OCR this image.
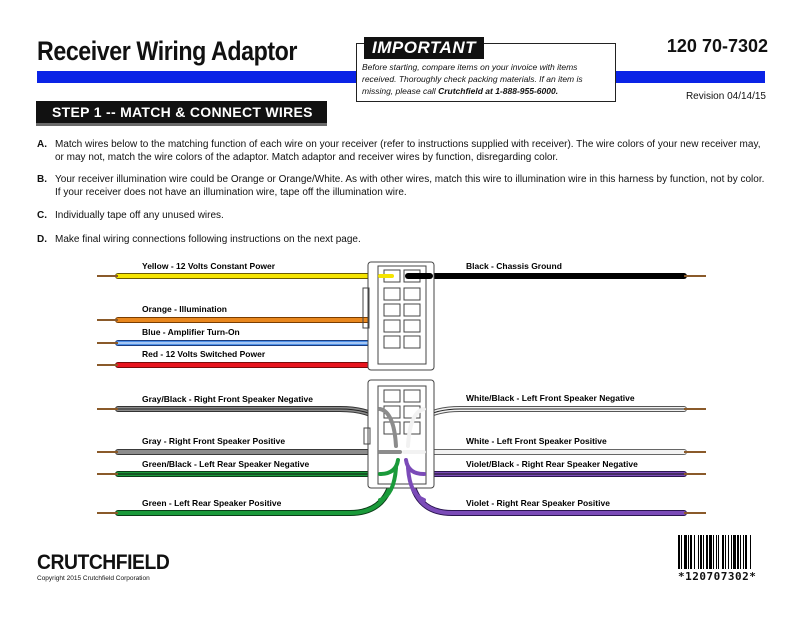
Receiver Wiring Adaptor	120 70-7302
IMPORTANT
Before starting, compare items on your invoice with items received. Thoroughly check packing materials. If an item is missing, please call Crutchfield at 1-888-955-6000.	Revision 04/14/15
STEP 1 -- MATCH & CONNECT WIRES
A. Match wires below to the matching function of each wire on your receiver (refer to instructions supplied with receiver). The wire colors of your new receiver may, or may not, match the wire colors of the adaptor. Match adaptor and receiver wires by function, disregarding color.
B. Your receiver illumination wire could be Orange or Orange/White. As with other wires, match this wire to illumination wire in this harness by function, not by color. If your receiver does not have an illumination wire, tape off the illumination wire.
C. Individually tape off any unused wires.
D. Make final wiring connections following instructions on the next page.
Yellow - 12 Volts Constant Power	Black - Chassis Ground
Orange - Illumination
Blue - Amplifier Turn-On
Red - 12 Volts Switched Power
Gray/Black - Right Front Speaker Negative	White/Black - Left Front Speaker Negative
Gray - Right Front Speaker Positive	White - Left Front Speaker Positive
Green/Black - Left Rear Speaker Negative	Violet/Black - Right Rear Speaker Negative
Green - Left Rear Speaker Positive	Violet - Right Rear Speaker Positive
CRUTCHFIELD
Copyright 2015 Crutchfield Corporation	*120707302*
